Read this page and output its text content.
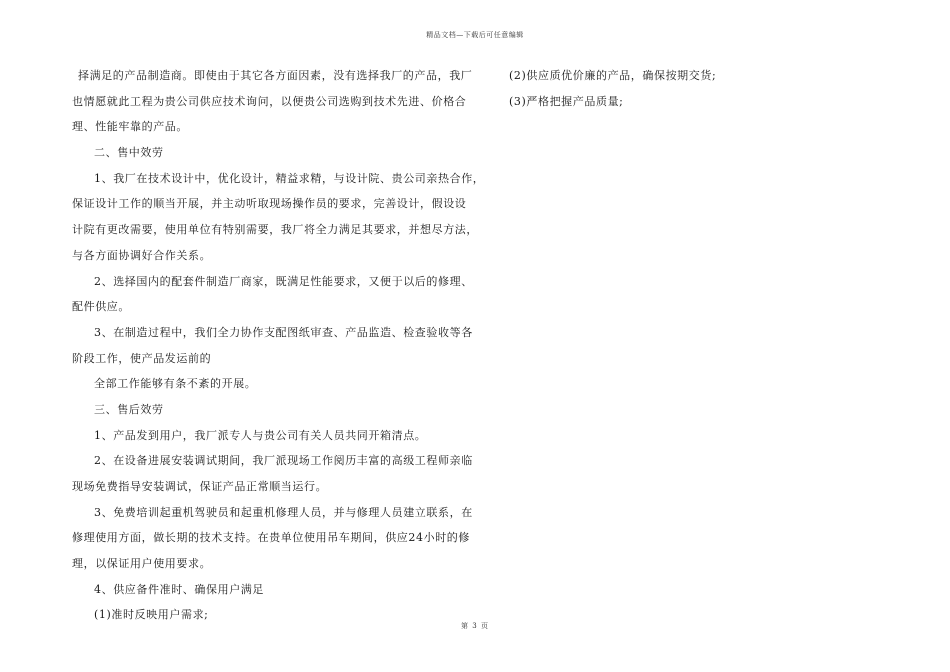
精品文档—下载后可任意编辑
择满足的产品制造商。即使由于其它各方面因素，没有选择我厂的产品，我厂
也情愿就此工程为贵公司供应技术询问，以便贵公司选购到技术先进、价格合
理、性能牢靠的产品。
二、售中效劳
1、我厂在技术设计中，优化设计，精益求精，与设计院、贵公司亲热合作，
保证设计工作的顺当开展，并主动听取现场操作员的要求，完善设计，假设设
计院有更改需要，使用单位有特别需要，我厂将全力满足其要求，并想尽方法，
与各方面协调好合作关系。
2、选择国内的配套件制造厂商家，既满足性能要求，又便于以后的修理、
配件供应。
3、在制造过程中，我们全力协作支配图纸审查、产品监造、检查验收等各
阶段工作，使产品发运前的
全部工作能够有条不紊的开展。
三、售后效劳
1、产品发到用户，我厂派专人与贵公司有关人员共同开箱清点。
2、在设备进展安装调试期间，我厂派现场工作阅历丰富的高级工程师亲临
现场免费指导安装调试，保证产品正常顺当运行。
3、免费培训起重机驾驶员和起重机修理人员，并与修理人员建立联系，在
修理使用方面，做长期的技术支持。在贵单位使用吊车期间，供应24小时的修
理，以保证用户使用要求。
4、供应备件准时、确保用户满足
(1)准时反映用户需求;
(2)供应质优价廉的产品，确保按期交货;
(3)严格把握产品质量;
第 3 页
